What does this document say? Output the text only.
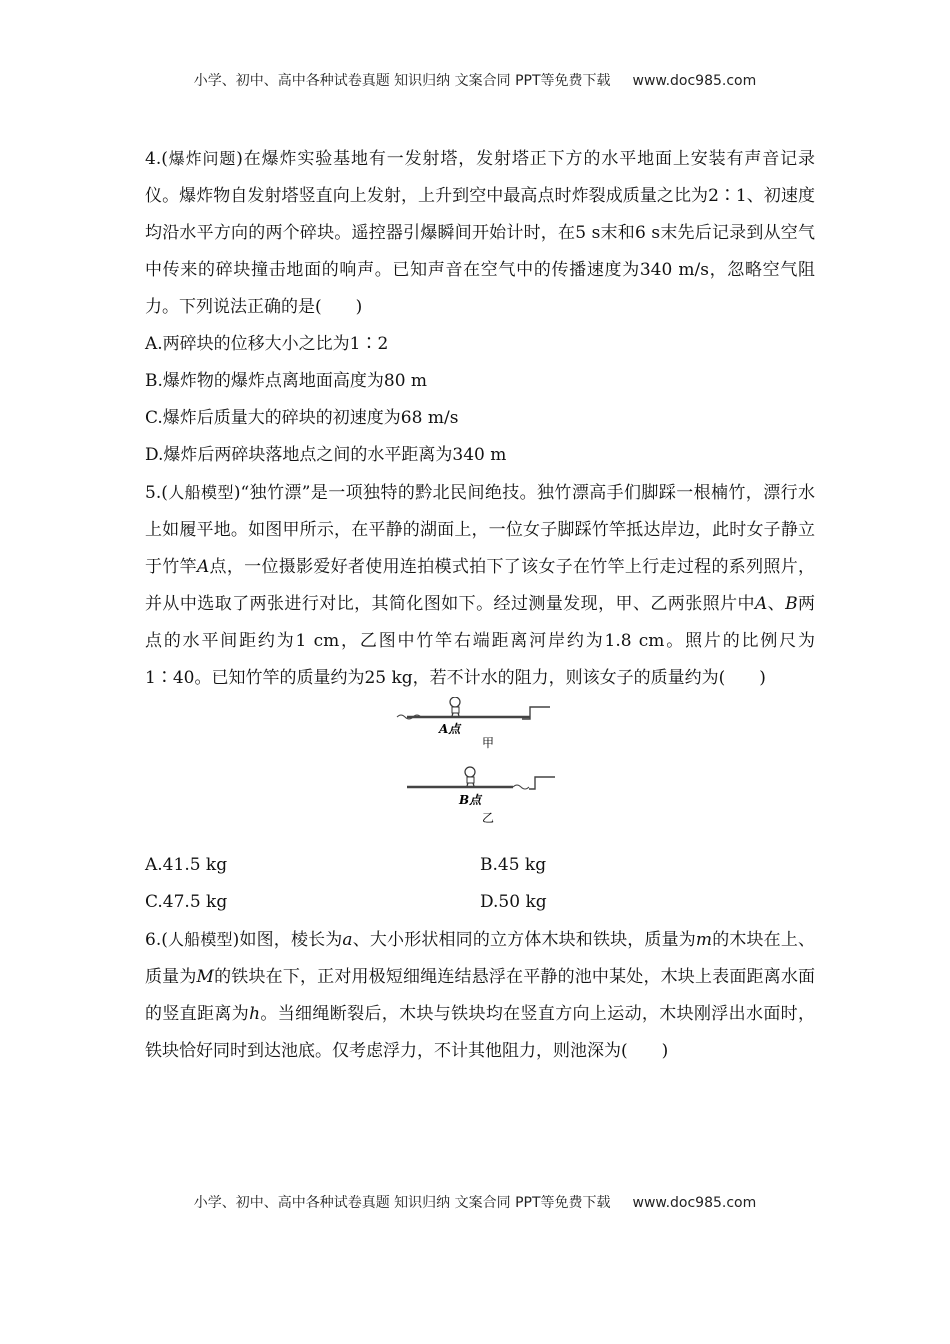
小学、初中、高中各种试卷真题 知识归纳 文案合同 PPT等免费下载 www.doc985.com

4.(爆炸问题)在爆炸实验基地有一发射塔，发射塔正下方的水平地面上安装有声音记录仪。爆炸物自发射塔竖直向上发射，上升到空中最高点时炸裂成质量之比为2∶1、初速度均沿水平方向的两个碎块。遥控器引爆瞬间开始计时，在5 s末和6 s末先后记录到从空气中传来的碎块撞击地面的响声。已知声音在空气中的传播速度为340 m/s，忽略空气阻力。下列说法正确的是(　　)

A.两碎块的位移大小之比为1∶2

B.爆炸物的爆炸点离地面高度为80 m

C.爆炸后质量大的碎块的初速度为68 m/s

D.爆炸后两碎块落地点之间的水平距离为340 m

5.(人船模型)“独竹漂”是一项独特的黔北民间绝技。独竹漂高手们脚踩一根楠竹，漂行水上如履平地。如图甲所示，在平静的湖面上，一位女子脚踩竹竿抵达岸边，此时女子静立于竹竿A点，一位摄影爱好者使用连拍模式拍下了该女子在竹竿上行走过程的系列照片，并从中选取了两张进行对比，其简化图如下。经过测量发现，甲、乙两张照片中A、B两点的水平间距约为1 cm，乙图中竹竿右端距离河岸约为1.8 cm。照片的比例尺为1∶40。已知竹竿的质量约为25 kg，若不计水的阻力，则该女子的质量约为(　　)

A点
甲
B点
乙

A.41.5 kg	B.45 kg

C.47.5 kg	D.50 kg

6.(人船模型)如图，棱长为a、大小形状相同的立方体木块和铁块，质量为m的木块在上、质量为M的铁块在下，正对用极短细绳连结悬浮在平静的池中某处，木块上表面距离水面的竖直距离为h。当细绳断裂后，木块与铁块均在竖直方向上运动，木块刚浮出水面时，铁块恰好同时到达池底。仅考虑浮力，不计其他阻力，则池深为(　　)

小学、初中、高中各种试卷真题 知识归纳 文案合同 PPT等免费下载 www.doc985.com
